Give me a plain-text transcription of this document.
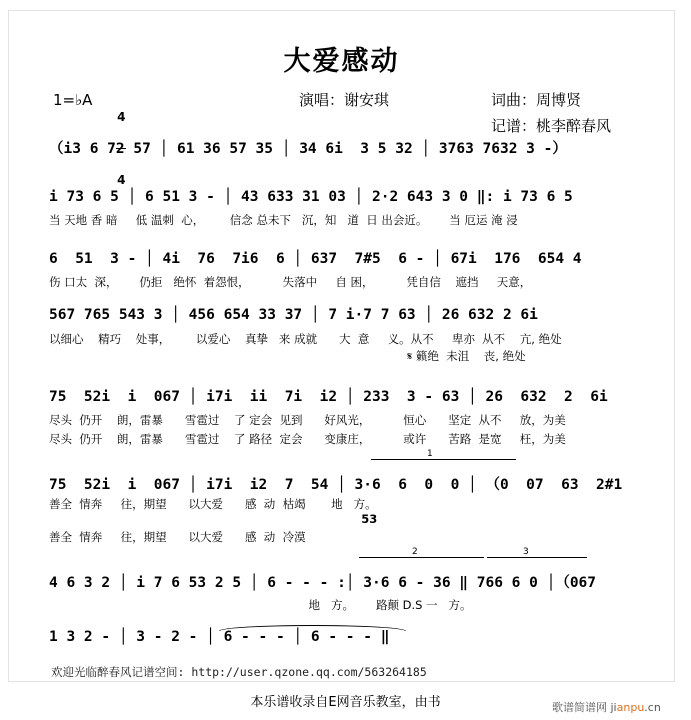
大爱感动
1=♭A

4

4

演唱：谢安琪	词曲：周博贤
记谱：桃李醉春风
（i3 6 72 57 │ 61 36 57 35 │ 34 6i  3 5 32 │ 3763 7632 3 -）
i 73 6 5 │ 6 51 3 - │ 43 633 31 03 │ 2·2 643 3 0 ‖: i 73 6 5
当 天地 香 暗     低 温刺  心，       信念 总未下   沉，知   道  日 出会近。      当 厄运 淹 浸
6  51  3 - │ 4i  76  7i6  6 │ 637  7#5  6 - │ 67i  176  654 4
伤 口太  深，      仍拒   绝怀  着怨恨，         失落中     自 困，         凭自信    遮挡     天意，
567 765 543 3 │ 456 654 33 37 │ 7 i·7 7 63 │ 26 632 2 6i
以细心    精巧    处事，       以爱心    真挚   来 成就      大  意     义。从不     卑亦  从不    亢, 绝处
𝄋 籁绝  未沮    丧, 绝处
75  52i  i  067 │ i7i  ii  7i  i2 │ 233  3 - 63 │ 26  632  2  6i
尽头  仍开    朗，雷暴      雪雹过    了 定会  见到      好风光，         恒心      坚定  从不     放，为美
尽头  仍开    朗，雷暴      雪雹过    了 路径  定会      变康庄，         或许      苦路  是宽     枉，为美
1
75  52i  i  067 │ i7i  i2  7  54 │ 3·6  6  0  0 │ （0  07  63  2#1
善全  情奔     往，期望      以大爱      感  动  枯竭       地   方。
53
善全  情奔     往，期望      以大爱      感  动  冷漠
2	3
4 6 3 2 │ i 7 6 53 2 5 │ 6 - - - :│ 3·6 6 - 36 ‖ 766 6 0 │（067
地   方。      路颠 D.S 一   方。
1 3 2 - │ 3 - 2 - │ 6 - - - │ 6 - - - ‖
欢迎光临醉春风记谱空间: http://user.qzone.qq.com/563264185
本乐谱收录自E网音乐教室，由书	歌谱简谱网 jianpu.cn
